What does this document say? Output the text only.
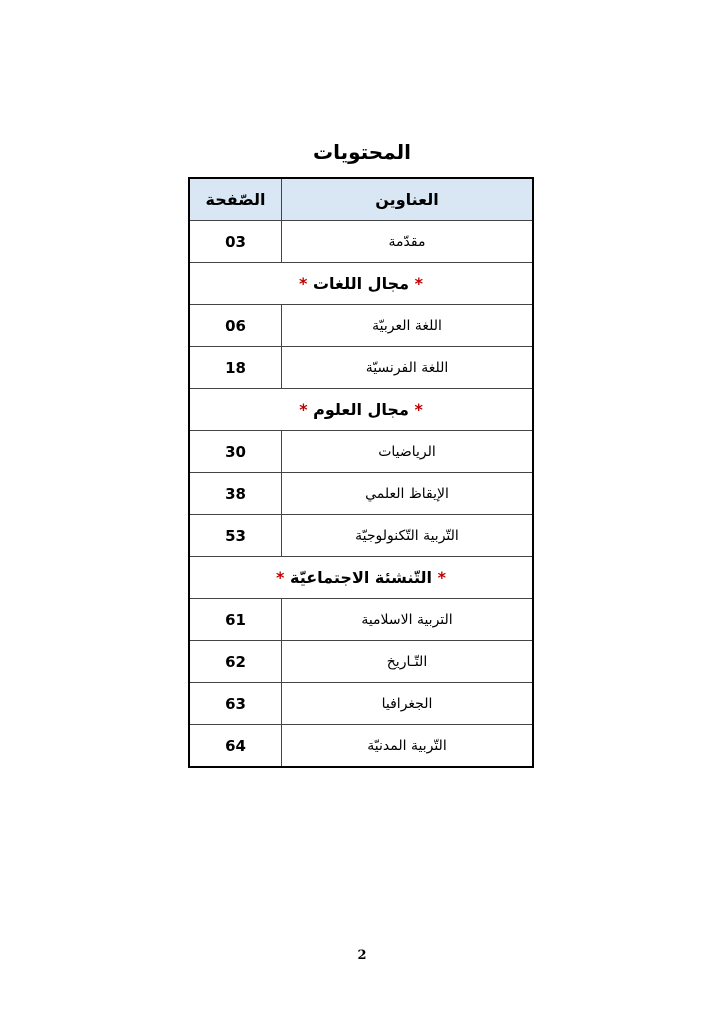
المحتويات
العناوين	الصّفحة
مقدّمة	03
* مجال اللغات *	
اللغة العربيّة	06
اللغة الفرنسيّة	18
* مجال العلوم *	
الرياضيات	30
الإيقاظ العلمي	38
التّربية التّكنولوجيّة	53
* التّنشئة الاجتماعيّة *	
التربية الاسلامية	61
التّـاريخ	62
الجغرافيا	63
التّربية المدنيّة	64
2
